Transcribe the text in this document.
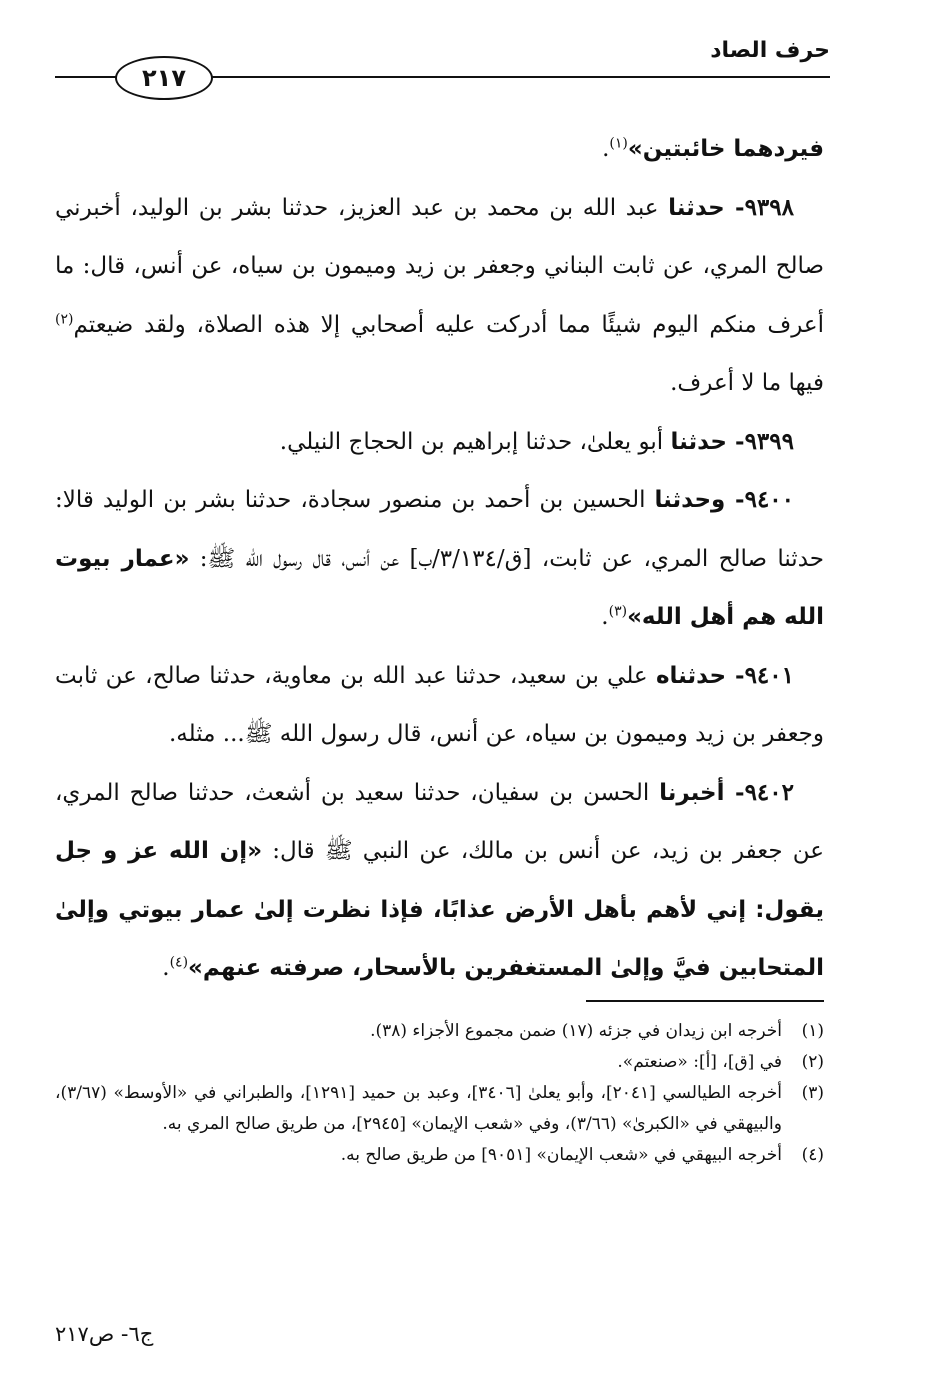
حرف الصاد
٢١٧

فيردهما خائبتين»$^{(١)}$.

٩٣٩٨- حدثنا عبد الله بن محمد بن عبد العزيز، حدثنا بشر بن الوليد، أخبرني صالح المري، عن ثابت البناني وجعفر بن زيد وميمون بن سياه، عن أنس، قال: ما أعرف منكم اليوم شيئًا مما أدركت عليه أصحابي إلا هذه الصلاة، ولقد ضيعتم$^{(٢)}$ فيها ما لا أعرف.

٩٣٩٩- حدثنا أبو يعلىٰ، حدثنا إبراهيم بن الحجاج النيلي.

٩٤٠٠- وحدثنا الحسين بن أحمد بن منصور سجادة، حدثنا بشر بن الوليد قالا: حدثنا صالح المري، عن ثابت، [ق/٣/١٣٤/ب] عن أنس، قال رسول الله ﷺ: «عمار بيوت الله هم أهل الله»$^{(٣)}$.

٩٤٠١- حدثناه علي بن سعيد، حدثنا عبد الله بن معاوية، حدثنا صالح، عن ثابت وجعفر بن زيد وميمون بن سياه، عن أنس، قال رسول الله ﷺ... مثله.

٩٤٠٢- أخبرنا الحسن بن سفيان، حدثنا سعيد بن أشعث، حدثنا صالح المري، عن جعفر بن زيد، عن أنس بن مالك، عن النبي ﷺ قال: «إن الله عز و جل يقول: إني لأهم بأهل الأرض عذابًا، فإذا نظرت إلىٰ عمار بيوتي وإلىٰ المتحابين فيَّ وإلىٰ المستغفرين بالأسحار، صرفته عنهم»$^{(٤)}$.

(١)
أخرجه ابن زيدان في جزئه (١٧) ضمن مجموع الأجزاء (٣٨).

(٢)
في [ق]، [أ]: «صنعتم».

(٣)
أخرجه الطيالسي [٢٠٤١]، وأبو يعلىٰ [٣٤٠٦]، وعبد بن حميد [١٢٩١]، والطبراني في «الأوسط» (٣/٦٧)، والبيهقي في «الكبرىٰ» (٣/٦٦)، وفي «شعب الإيمان» [٢٩٤٥]، من طريق صالح المري به.

(٤)
أخرجه البيهقي في «شعب الإيمان» [٩٠٥١] من طريق صالح به.

ج٦- ص٢١٧
